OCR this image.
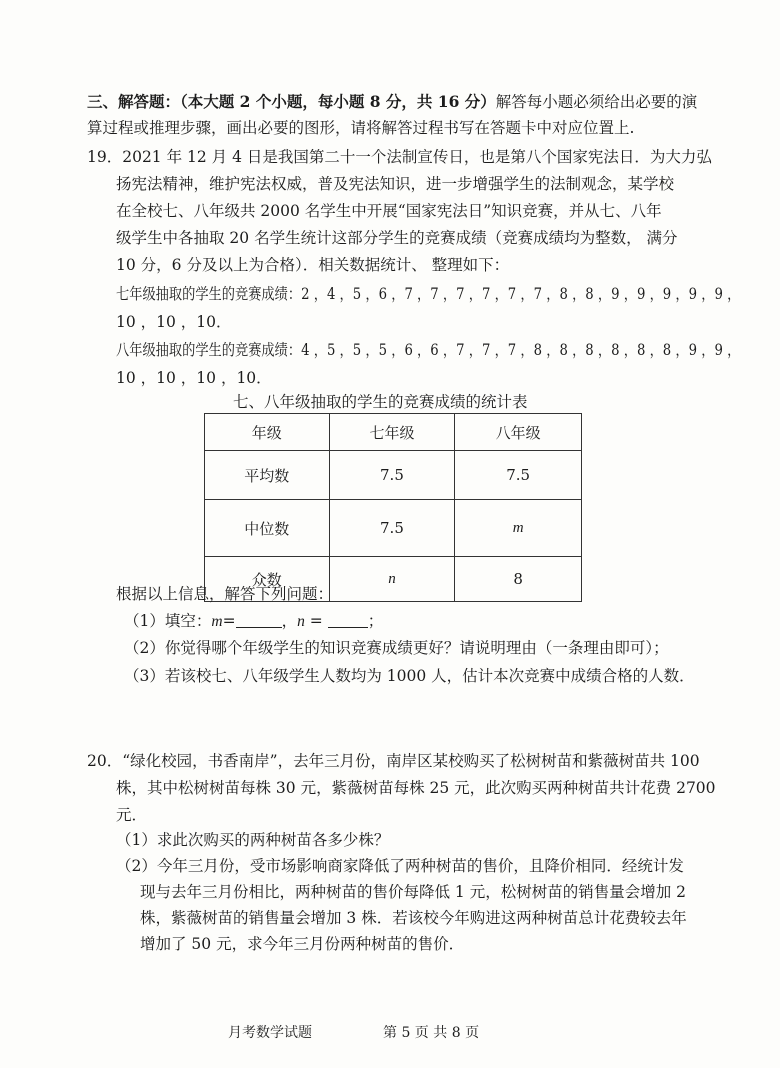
三、解答题：（本大题 2 个小题，每小题 8 分，共 16 分）解答每小题必须给出必要的演
算过程或推理步骤，画出必要的图形，请将解答过程书写在答题卡中对应位置上.
19．2021 年 12 月 4 日是我国第二十一个法制宣传日，也是第八个国家宪法日．为大力弘
扬宪法精神，维护宪法权威，普及宪法知识，进一步增强学生的法制观念，某学校
在全校七、八年级共 2000 名学生中开展“国家宪法日”知识竞赛，并从七、八年
级学生中各抽取 20 名学生统计这部分学生的竞赛成绩（竞赛成绩均为整数， 满分
10 分，6 分及以上为合格）．相关数据统计、 整理如下：
七年级抽取的学生的竞赛成绩：2 ，4 ，5 ，6 ，7 ，7 ，7 ，7 ，7 ，7 ，8 ，8 ，9 ，9 ，9 ，9 ，9 ，
10 ，10 ，10．
八年级抽取的学生的竞赛成绩：4 ，5 ，5 ，5 ，6 ，6 ，7 ，7 ，7 ，8 ，8 ，8 ，8 ，8 ，8 ，9 ，9 ，
10 ，10 ，10 ，10．
七、八年级抽取的学生的竞赛成绩的统计表
年级	七年级	八年级
平均数	7.5	7.5
中位数	7.5	m
众数	n	8
根据以上信息，解答下列问题：
（1）填空：m=	，n =	；
（2）你觉得哪个年级学生的知识竞赛成绩更好？请说明理由（一条理由即可）；
（3）若该校七、八年级学生人数均为 1000 人，估计本次竞赛中成绩合格的人数．
20．“绿化校园，书香南岸”，去年三月份，南岸区某校购买了松树树苗和紫薇树苗共 100
株，其中松树树苗每株 30 元，紫薇树苗每株 25 元，此次购买两种树苗共计花费 2700
元．
（1）求此次购买的两种树苗各多少株？
（2）今年三月份，受市场影响商家降低了两种树苗的售价，且降价相同．经统计发
现与去年三月份相比，两种树苗的售价每降低 1 元，松树树苗的销售量会增加 2
株，紫薇树苗的销售量会增加 3 株．若该校今年购进这两种树苗总计花费较去年
增加了 50 元，求今年三月份两种树苗的售价．
月考数学试题	第 5 页 共 8 页
